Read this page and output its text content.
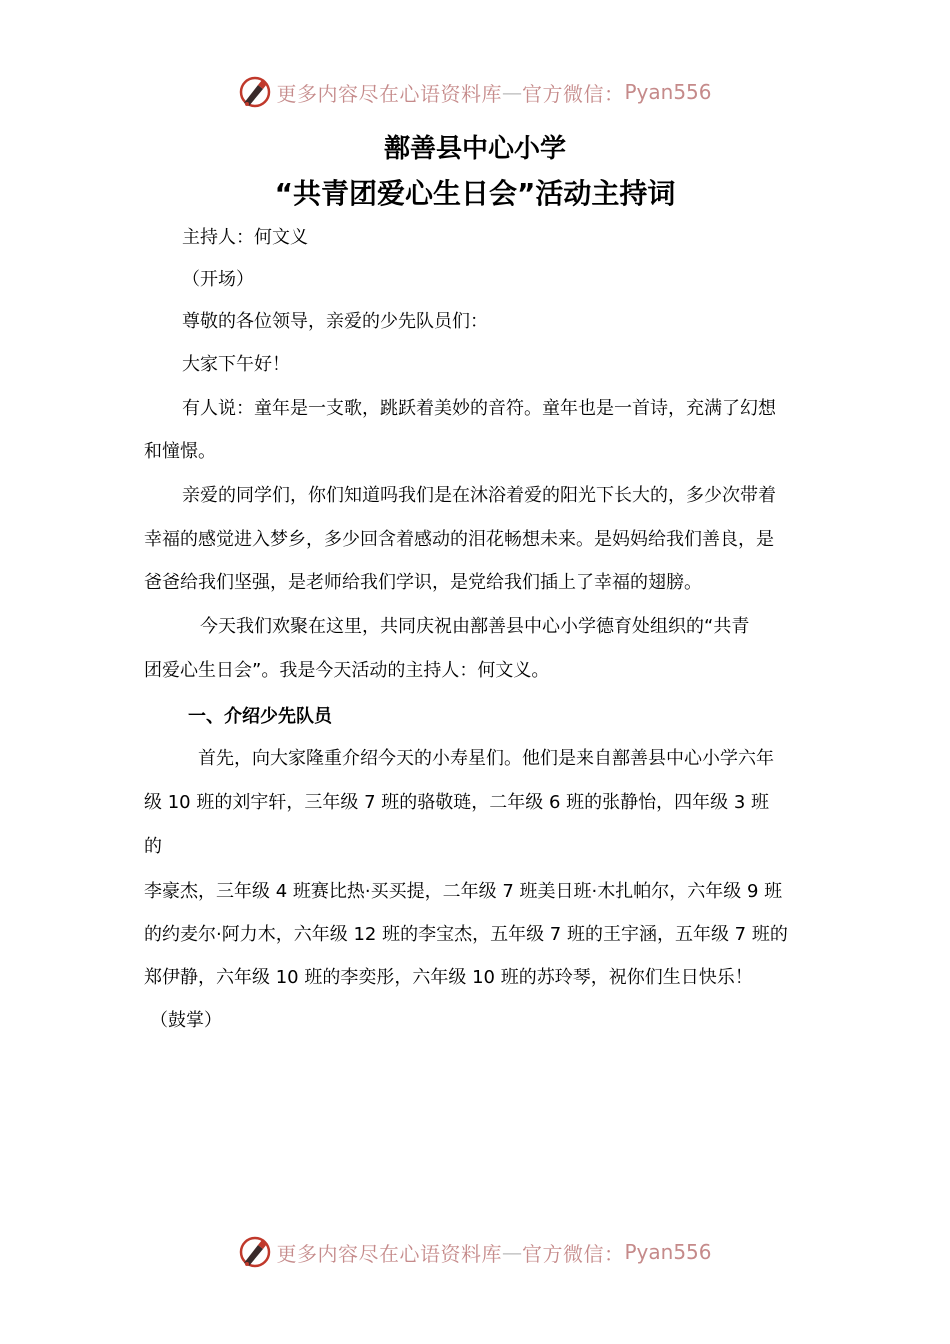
更多内容尽在心语资料库 — 官方微信： Pyan556
鄯善县中心小学
“共青团爱心生日会”活动主持词
主持人：何文义
（开场）
尊敬的各位领导，亲爱的少先队员们：
大家下午好！
有人说：童年是一支歌，跳跃着美妙的音符。童年也是一首诗，充满了幻想
和憧憬。
亲爱的同学们，你们知道吗我们是在沐浴着爱的阳光下长大的，多少次带着
幸福的感觉进入梦乡，多少回含着感动的泪花畅想未来。是妈妈给我们善良，是
爸爸给我们坚强，是老师给我们学识，是党给我们插上了幸福的翅膀。
今天我们欢聚在这里，共同庆祝由鄯善县中心小学德育处组织的“共青
团爱心生日会”。我是今天活动的主持人：何文义。
一、介绍少先队员
首先，向大家隆重介绍今天的小寿星们。他们是来自鄯善县中心小学六年
级 10 班的刘宇轩，三年级 7 班的骆敬琏，二年级 6 班的张静怡，四年级 3 班
的
李豪杰，三年级 4 班赛比热·买买提，二年级 7 班美日班·木扎帕尔，六年级 9 班
的约麦尔·阿力木，六年级 12 班的李宝杰，五年级 7 班的王宇涵，五年级 7 班的
郑伊静，六年级 10 班的李奕彤，六年级 10 班的苏玲琴，祝你们生日快乐！
（鼓掌）
更多内容尽在心语资料库 — 官方微信： Pyan556
